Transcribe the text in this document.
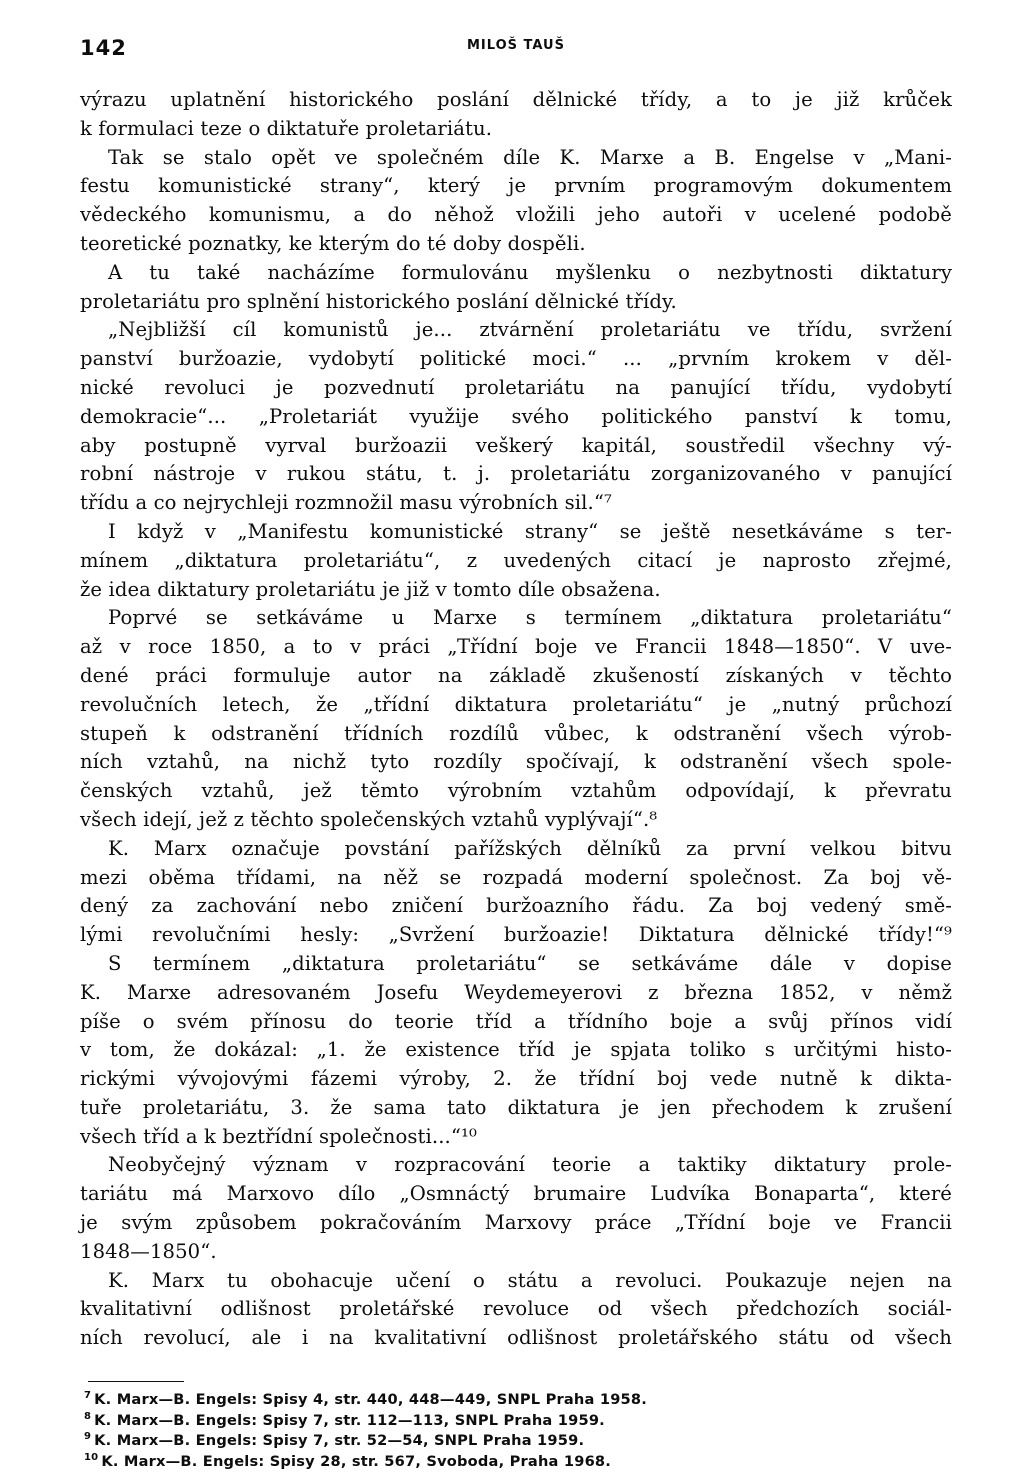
142	MILOŠ TAUŠ
výrazu uplatnění historického poslání dělnické třídy, a to je již krůček
k formulaci teze o diktatuře proletariátu.
Tak se stalo opět ve společném díle K. Marxe a B. Engelse v „Mani-
festu komunistické strany“, který je prvním programovým dokumentem
vědeckého komunismu, a do něhož vložili jeho autoři v ucelené podobě
teoretické poznatky, ke kterým do té doby dospěli.
A tu také nacházíme formulovánu myšlenku o nezbytnosti diktatury
proletariátu pro splnění historického poslání dělnické třídy.
„Nejbližší cíl komunistů je... ztvárnění proletariátu ve třídu, svržení
panství buržoazie, vydobytí politické moci.“ ... „prvním krokem v děl-
nické revoluci je pozvednutí proletariátu na panující třídu, vydobytí
demokracie“... „Proletariát využije svého politického panství k tomu,
aby postupně vyrval buržoazii veškerý kapitál, soustředil všechny vý-
robní nástroje v rukou státu, t. j. proletariátu zorganizovaného v panující
třídu a co nejrychleji rozmnožil masu výrobních sil.“⁷
I když v „Manifestu komunistické strany“ se ještě nesetkáváme s ter-
mínem „diktatura proletariátu“, z uvedených citací je naprosto zřejmé,
že idea diktatury proletariátu je již v tomto díle obsažena.
Poprvé se setkáváme u Marxe s termínem „diktatura proletariátu“
až v roce 1850, a to v práci „Třídní boje ve Francii 1848—1850“. V uve-
dené práci formuluje autor na základě zkušeností získaných v těchto
revolučních letech, že „třídní diktatura proletariátu“ je „nutný průchozí
stupeň k odstranění třídních rozdílů vůbec, k odstranění všech výrob-
ních vztahů, na nichž tyto rozdíly spočívají, k odstranění všech spole-
čenských vztahů, jež těmto výrobním vztahům odpovídají, k převratu
všech idejí, jež z těchto společenských vztahů vyplývají“.⁸
K. Marx označuje povstání pařížských dělníků za první velkou bitvu
mezi oběma třídami, na něž se rozpadá moderní společnost. Za boj vě-
dený za zachování nebo zničení buržoazního řádu. Za boj vedený smě-
lými revolučními hesly: „Svržení buržoazie! Diktatura dělnické třídy!“⁹
S termínem „diktatura proletariátu“ se setkáváme dále v dopise
K. Marxe adresovaném Josefu Weydemeyerovi z března 1852, v němž
píše o svém přínosu do teorie tříd a třídního boje a svůj přínos vidí
v tom, že dokázal: „1. že existence tříd je spjata toliko s určitými histo-
rickými vývojovými fázemi výroby, 2. že třídní boj vede nutně k dikta-
tuře proletariátu, 3. že sama tato diktatura je jen přechodem k zrušení
všech tříd a k beztřídní společnosti...“¹⁰
Neobyčejný význam v rozpracování teorie a taktiky diktatury prole-
tariátu má Marxovo dílo „Osmnáctý brumaire Ludvíka Bonaparta“, které
je svým způsobem pokračováním Marxovy práce „Třídní boje ve Francii
1848—1850“.
K. Marx tu obohacuje učení o státu a revoluci. Poukazuje nejen na
kvalitativní odlišnost proletářské revoluce od všech předchozích sociál-
ních revolucí, ale i na kvalitativní odlišnost proletářského státu od všech
$^7$ K. Marx—B. Engels: Spisy 4, str. 440, 448—449, SNPL Praha 1958.
$^8$ K. Marx—B. Engels: Spisy 7, str. 112—113, SNPL Praha 1959.
$^9$ K. Marx—B. Engels: Spisy 7, str. 52—54, SNPL Praha 1959.
$^{10}$ K. Marx—B. Engels: Spisy 28, str. 567, Svoboda, Praha 1968.
